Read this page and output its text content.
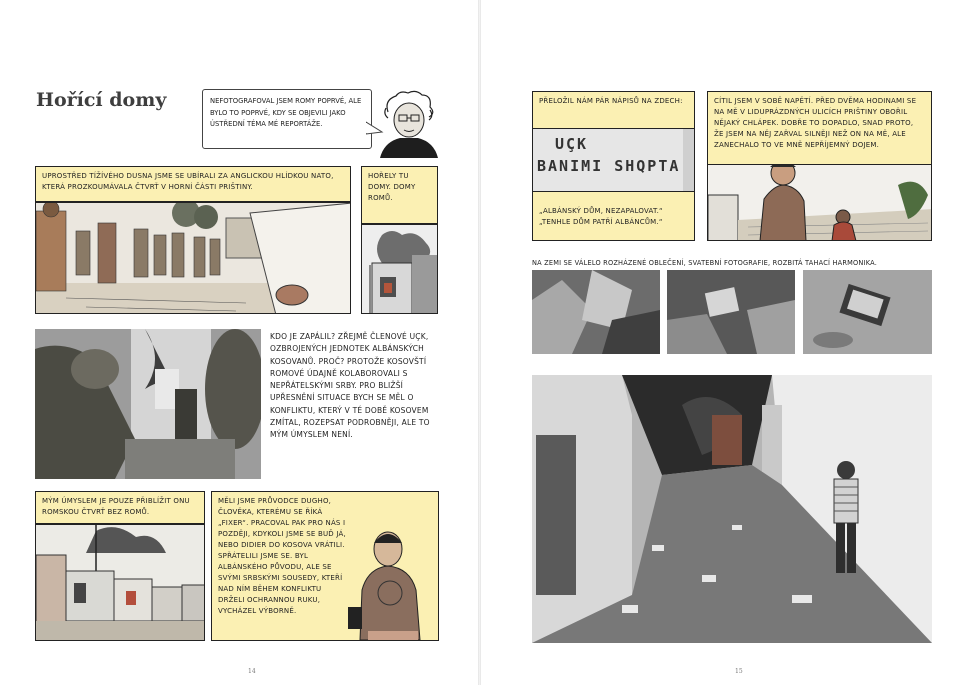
Hořící domy	NEFOTOGRAFOVAL JSEM ROMY POPRVÉ, ALE BYLO TO POPRVÉ, KDY SE OBJEVILI JAKO ÚSTŘEDNÍ TÉMA MÉ REPORTÁŽE.
UPROSTŘED TÍŽÍVÉHO DUSNA JSME SE UBÍRALI ZA ANGLICKOU HLÍDKOU NATO, KTERÁ PROZKOUMÁVALA ČTVRŤ V HORNÍ ČÁSTI PRIŠTINY.
HOŘELY TU DOMY. DOMY ROMŮ.
KDO JE ZAPÁLIL? ZŘEJMĚ ČLENOVÉ UÇK, OZBROJENÝCH JEDNOTEK ALBÁNSKÝCH KOSOVANŮ. PROČ? PROTOŽE KOSOVŠTÍ ROMOVÉ ÚDAJNĚ KOLABOROVALI S NEPŘÁTELSKÝMI SRBY. PRO BLIŽŠÍ UPŘESNĚNÍ SITUACE BYCH SE MĚL O KONFLIKTU, KTERÝ V TÉ DOBĚ KOSOVEM ZMÍTAL, ROZEPSAT PODROBNĚJI, ALE TO MÝM ÚMYSLEM NENÍ.
MÝM ÚMYSLEM JE POUZE PŘIBLÍŽIT ONU ROMSKOU ČTVRŤ BEZ ROMŮ.
MĚLI JSME PRŮVODCE DUGHO, ČLOVĚKA, KTERÉMU SE ŘÍKÁ „FIXER“. PRACOVAL PAK PRO NÁS I POZDĚJI, KDYKOLI JSME SE BUĎ JÁ, NEBO DIDIER DO KOSOVA VRÁTILI. SPŘÁTELILI JSME SE. BYL ALBÁNSKÉHO PŮVODU, ALE SE SVÝMI SRBSKÝMI SOUSEDY, KTEŘÍ NAD NÍM BĚHEM KONFLIKTU DRŽELI OCHRANNOU RUKU, VYCHÁZEL VÝBORNĚ.
14
PŘELOŽIL NÁM PÁR NÁPISŮ NA ZDECH:
UÇK
BANIMI SHQPTA
„ALBÁNSKÝ DŮM, NEZAPALOVAT.“ „TENHLE DŮM PATŘÍ ALBÁNCŮM.“
CÍTIL JSEM V SOBĚ NAPĚTÍ. PŘED DVĚMA HODINAMI SE NA MĚ V LIDUPRÁZDNÝCH ULICÍCH PRIŠTINY OBOŘIL NĚJAKÝ CHLÁPEK. DOBŘE TO DOPADLO, SNAD PROTO, ŽE JSEM NA NĚJ ZAŘVAL SILNĚJI NEŽ ON NA MĚ, ALE ZANECHALO TO VE MNĚ NEPŘÍJEMNÝ DOJEM.
NA ZEMI SE VÁLELO ROZHÁZENÉ OBLEČENÍ, SVATEBNÍ FOTOGRAFIE, ROZBITÁ TAHACÍ HARMONIKA.
15
